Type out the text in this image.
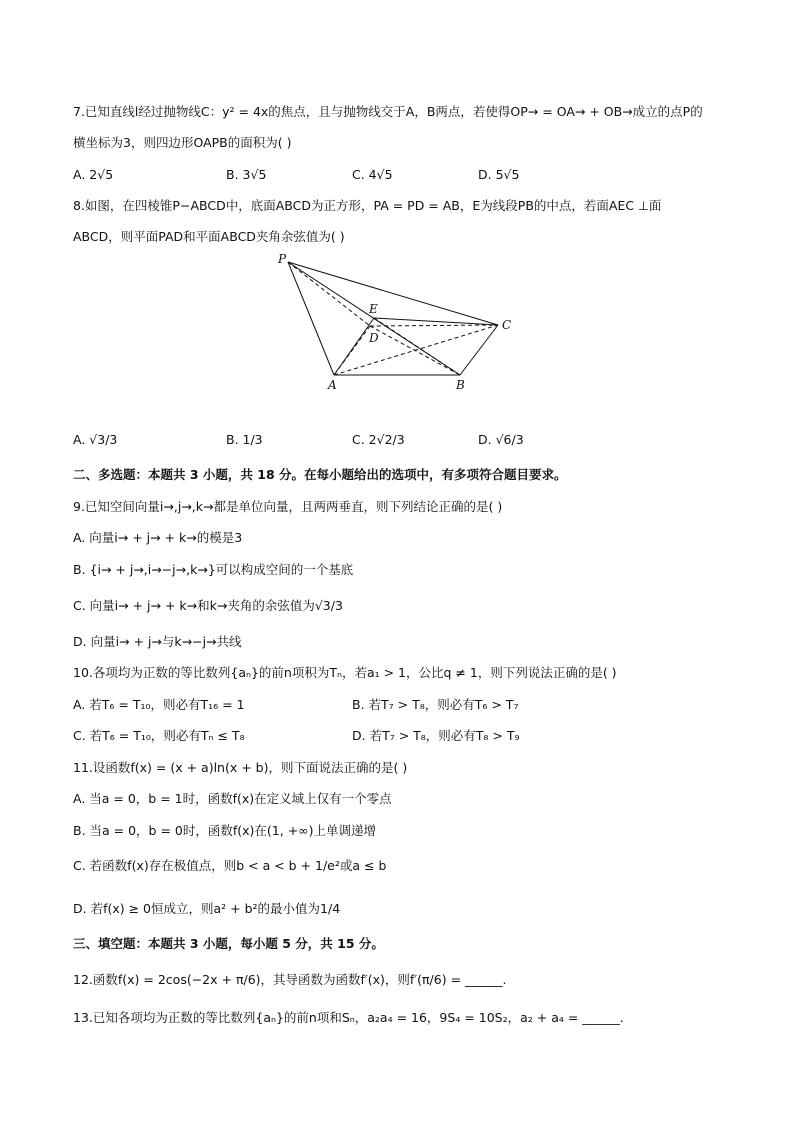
7.已知直线l经过抛物线C：y² = 4x的焦点，且与抛物线交于A，B两点，若使得OP→ = OA→ + OB→成立的点P的
横坐标为3，则四边形OAPB的面积为( )
A. 2√5	B. 3√5	C. 4√5	D. 5√5
8.如图，在四棱锥P−ABCD中，底面ABCD为正方形，PA = PD = AB，E为线段PB的中点，若面AEC ⊥面
ABCD，则平面PAD和平面ABCD夹角余弦值为( )
P
E
D
C
A	B
A. √3/3	B. 1/3	C. 2√2/3	D. √6/3
二、多选题：本题共 3 小题，共 18 分。在每小题给出的选项中，有多项符合题目要求。
9.已知空间向量i→,j→,k→都是单位向量，且两两垂直，则下列结论正确的是( )
A. 向量i→ + j→ + k→的模是3
B. {i→ + j→,i→−j→,k→}可以构成空间的一个基底
C. 向量i→ + j→ + k→和k→夹角的余弦值为√3/3
D. 向量i→ + j→与k→−j→共线
10.各项均为正数的等比数列{aₙ}的前n项积为Tₙ，若a₁ > 1，公比q ≠ 1，则下列说法正确的是( )
A. 若T₆ = T₁₀，则必有T₁₆ = 1	B. 若T₇ > T₈，则必有T₆ > T₇
C. 若T₆ = T₁₀，则必有Tₙ ≤ T₈	D. 若T₇ > T₈，则必有T₈ > T₉
11.设函数f(x) = (x + a)ln(x + b)，则下面说法正确的是( )
A. 当a = 0，b = 1时，函数f(x)在定义域上仅有一个零点
B. 当a = 0，b = 0时，函数f(x)在(1, +∞)上单调递增
C. 若函数f(x)存在极值点，则b < a < b + 1/e²或a ≤ b
D. 若f(x) ≥ 0恒成立，则a² + b²的最小值为1/4
三、填空题：本题共 3 小题，每小题 5 分，共 15 分。
12.函数f(x) = 2cos(−2x + π/6)，其导函数为函数f′(x)，则f′(π/6) = ______.
13.已知各项均为正数的等比数列{aₙ}的前n项和Sₙ，a₂a₄ = 16，9S₄ = 10S₂，a₂ + a₄ = ______.
